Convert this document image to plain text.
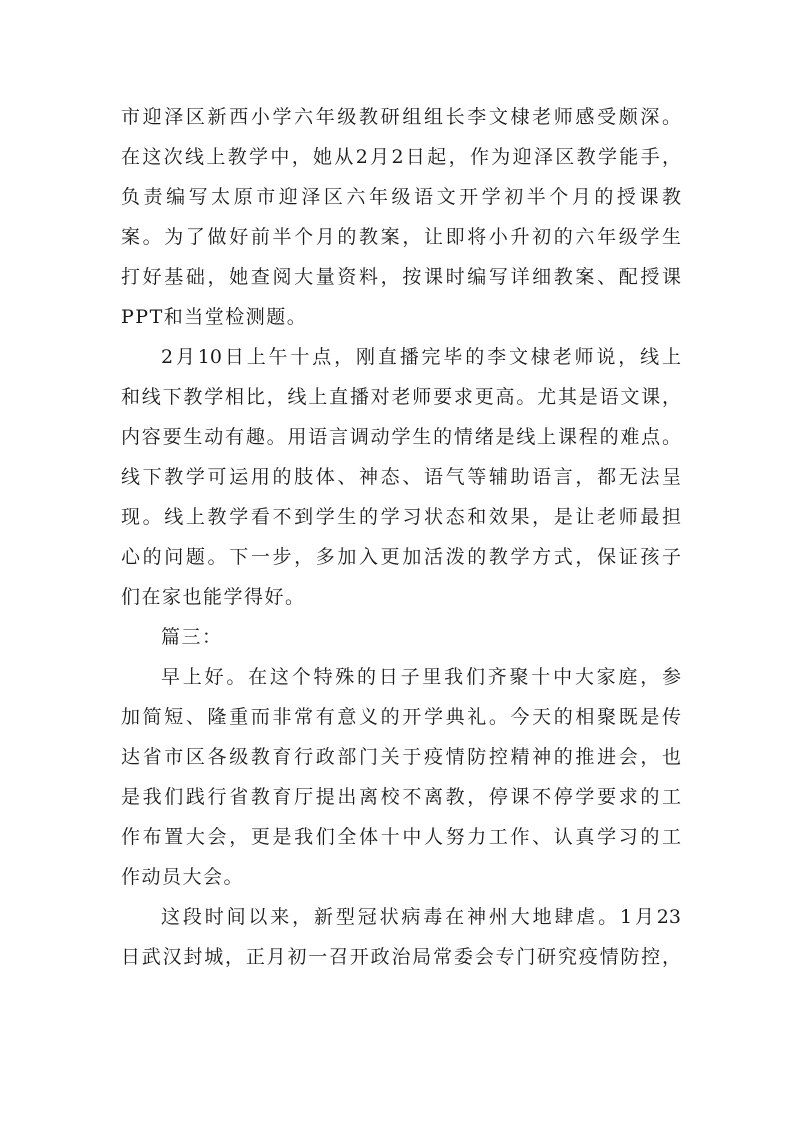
市迎泽区新西小学六年级教研组组长李文棣老师感受颇深。
在这次线上教学中，她从2月2日起，作为迎泽区教学能手，
负责编写太原市迎泽区六年级语文开学初半个月的授课教
案。为了做好前半个月的教案，让即将小升初的六年级学生
打好基础，她查阅大量资料，按课时编写详细教案、配授课
PPT和当堂检测题。
2月10日上午十点，刚直播完毕的李文棣老师说，线上
和线下教学相比，线上直播对老师要求更高。尤其是语文课，
内容要生动有趣。用语言调动学生的情绪是线上课程的难点。
线下教学可运用的肢体、神态、语气等辅助语言，都无法呈
现。线上教学看不到学生的学习状态和效果，是让老师最担
心的问题。下一步，多加入更加活泼的教学方式，保证孩子
们在家也能学得好。
篇三：
早上好。在这个特殊的日子里我们齐聚十中大家庭，参
加简短、隆重而非常有意义的开学典礼。今天的相聚既是传
达省市区各级教育行政部门关于疫情防控精神的推进会，也
是我们践行省教育厅提出离校不离教，停课不停学要求的工
作布置大会，更是我们全体十中人努力工作、认真学习的工
作动员大会。
这段时间以来，新型冠状病毒在神州大地肆虐。1月23
日武汉封城，正月初一召开政治局常委会专门研究疫情防控，
